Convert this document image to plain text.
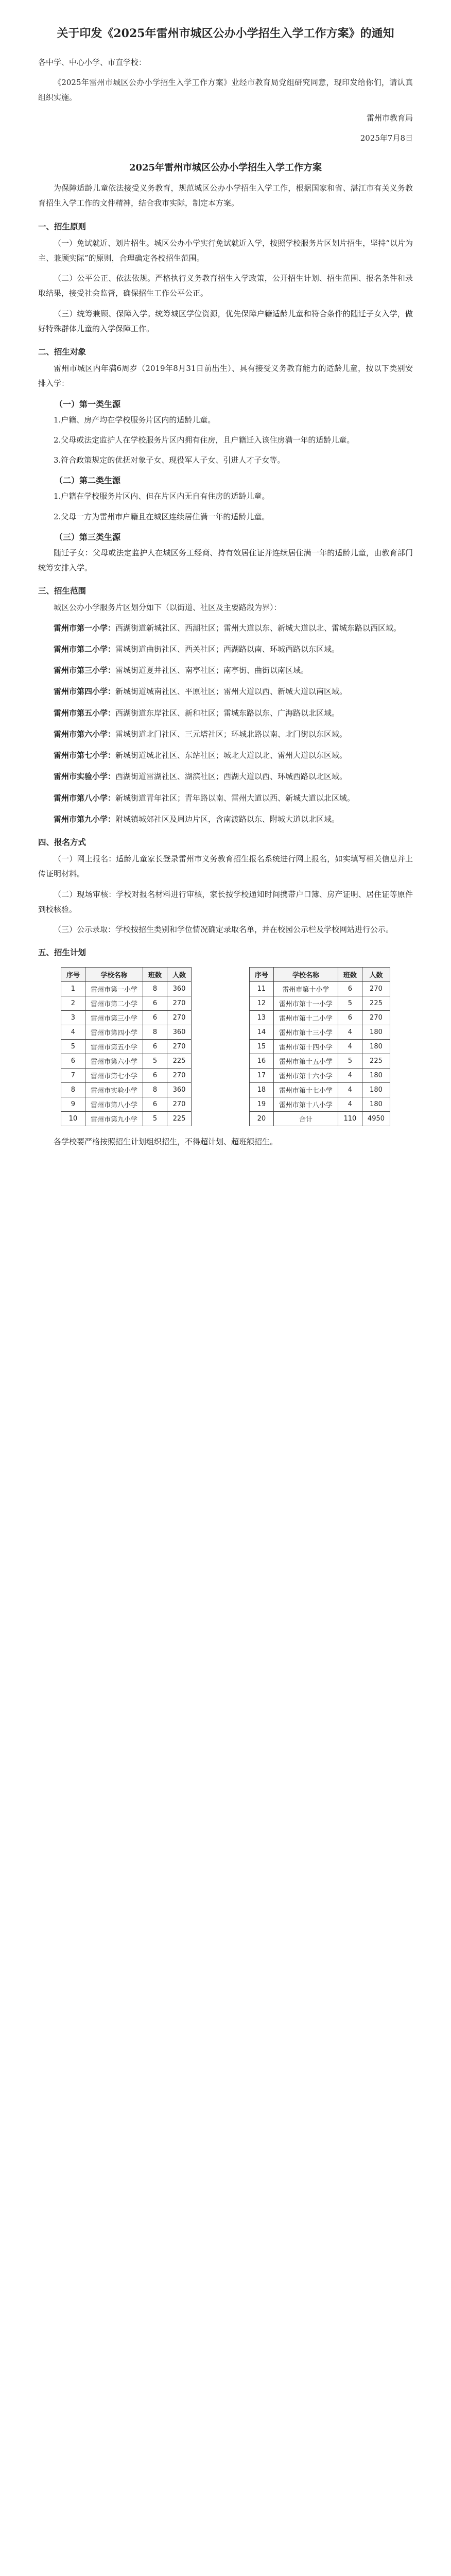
关于印发《2025年雷州市城区公办小学招生入学工作方案》的通知

各中学、中心小学、市直学校：

《2025年雷州市城区公办小学招生入学工作方案》业经市教育局党组研究同意，现印发给你们，请认真组织实施。

雷州市教育局

2025年7月8日

2025年雷州市城区公办小学招生入学工作方案

为保障适龄儿童依法接受义务教育，规范城区公办小学招生入学工作，根据国家和省、湛江市有关义务教育招生入学工作的文件精神，结合我市实际，制定本方案。

一、招生原则

（一）免试就近、划片招生。城区公办小学实行免试就近入学，按照学校服务片区划片招生，坚持“以片为主、兼顾实际”的原则，合理确定各校招生范围。

（二）公平公正、依法依规。严格执行义务教育招生入学政策，公开招生计划、招生范围、报名条件和录取结果，接受社会监督，确保招生工作公平公正。

（三）统筹兼顾、保障入学。统筹城区学位资源，优先保障户籍适龄儿童和符合条件的随迁子女入学，做好特殊群体儿童的入学保障工作。

二、招生对象

雷州市城区内年满6周岁（2019年8月31日前出生）、具有接受义务教育能力的适龄儿童，按以下类别安排入学：

（一）第一类生源

1.户籍、房产均在学校服务片区内的适龄儿童。

2.父母或法定监护人在学校服务片区内拥有住房，且户籍迁入该住房满一年的适龄儿童。

3.符合政策规定的优抚对象子女、现役军人子女、引进人才子女等。

（二）第二类生源

1.户籍在学校服务片区内、但在片区内无自有住房的适龄儿童。

2.父母一方为雷州市户籍且在城区连续居住满一年的适龄儿童。

（三）第三类生源

随迁子女：父母或法定监护人在城区务工经商、持有效居住证并连续居住满一年的适龄儿童，由教育部门统筹安排入学。

三、招生范围

城区公办小学服务片区划分如下（以街道、社区及主要路段为界）：

雷州市第一小学：西湖街道新城社区、西湖社区；雷州大道以东、新城大道以北、雷城东路以西区域。
雷州市第二小学：雷城街道曲街社区、西关社区；西湖路以南、环城西路以东区域。
雷州市第三小学：雷城街道夏井社区、南亭社区；南亭街、曲街以南区域。
雷州市第四小学：新城街道城南社区、平原社区；雷州大道以西、新城大道以南区域。
雷州市第五小学：西湖街道东岸社区、新和社区；雷城东路以东、广海路以北区域。
雷州市第六小学：雷城街道北门社区、三元塔社区；环城北路以南、北门街以东区域。
雷州市第七小学：新城街道城北社区、东站社区；城北大道以北、雷州大道以东区域。
雷州市实验小学：西湖街道雷湖社区、湖滨社区；西湖大道以西、环城西路以北区域。
雷州市第八小学：新城街道青年社区；青年路以南、雷州大道以西、新城大道以北区域。
雷州市第九小学：附城镇城郊社区及周边片区，含南渡路以东、附城大道以北区域。
四、报名方式

（一）网上报名：适龄儿童家长登录雷州市义务教育招生报名系统进行网上报名，如实填写相关信息并上传证明材料。

（二）现场审核：学校对报名材料进行审核，家长按学校通知时间携带户口簿、房产证明、居住证等原件到校核验。

（三）公示录取：学校按招生类别和学位情况确定录取名单，并在校园公示栏及学校网站进行公示。

五、招生计划
序号	学校名称	班数	人数
1	雷州市第一小学	8	360
2	雷州市第二小学	6	270
3	雷州市第三小学	6	270
4	雷州市第四小学	8	360
5	雷州市第五小学	6	270
6	雷州市第六小学	5	225
7	雷州市第七小学	6	270
8	雷州市实验小学	8	360
9	雷州市第八小学	6	270
10	雷州市第九小学	5	225
序号	学校名称	班数	人数
11	雷州市第十小学	6	270
12	雷州市第十一小学	5	225
13	雷州市第十二小学	6	270
14	雷州市第十三小学	4	180
15	雷州市第十四小学	4	180
16	雷州市第十五小学	5	225
17	雷州市第十六小学	4	180
18	雷州市第十七小学	4	180
19	雷州市第十八小学	4	180
20	合计	110	4950

各学校要严格按照招生计划组织招生，不得超计划、超班额招生。
